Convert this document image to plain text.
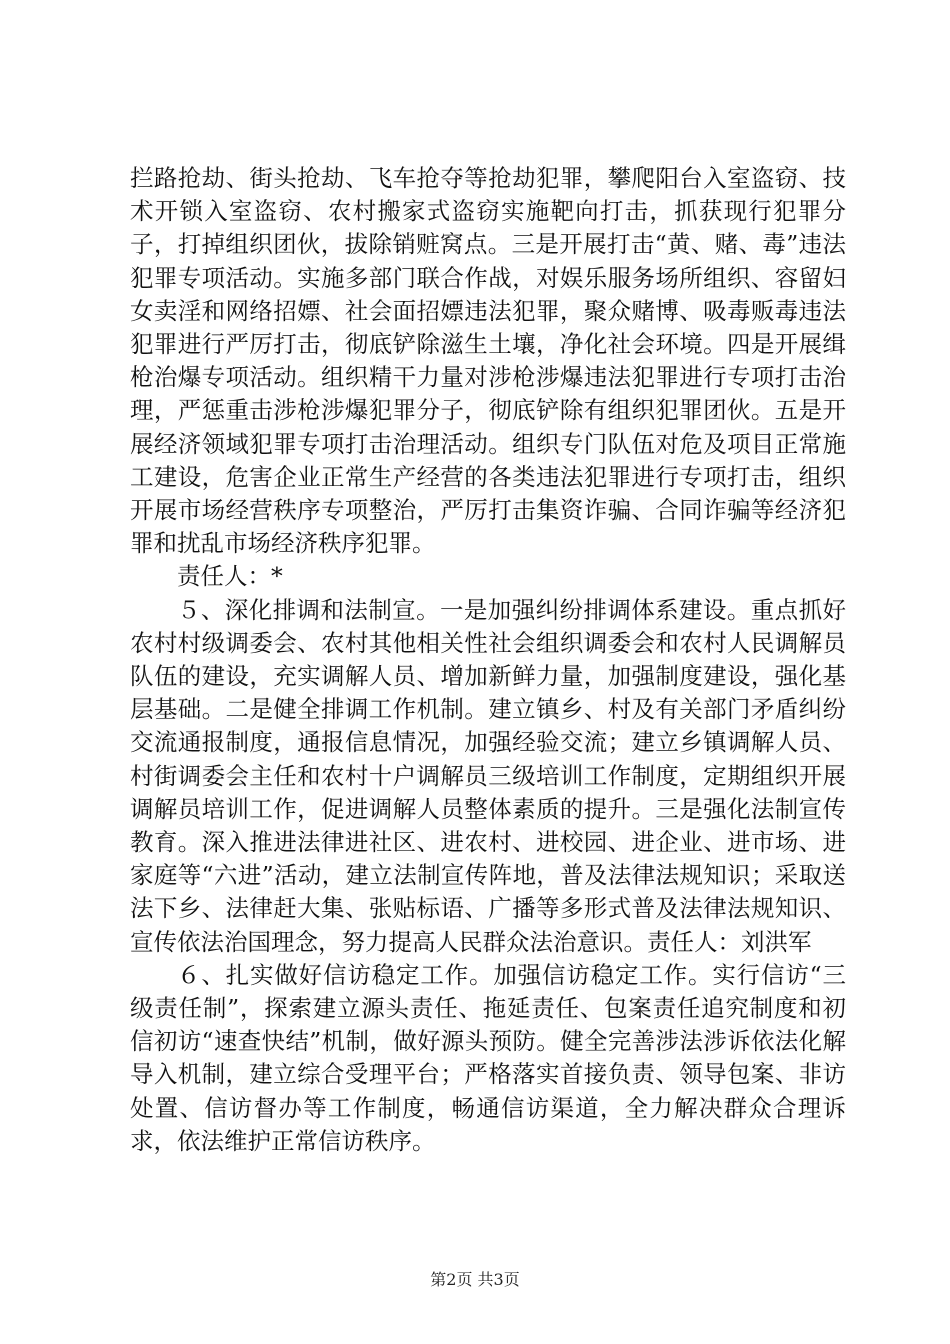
拦路抢劫、街头抢劫、飞车抢夺等抢劫犯罪，攀爬阳台入室盗窃、技术开锁入室盗窃、农村搬家式盗窃实施靶向打击，抓获现行犯罪分子，打掉组织团伙，拔除销赃窝点。三是开展打击“黄、赌、毒”违法犯罪专项活动。实施多部门联合作战，对娱乐服务场所组织、容留妇女卖淫和网络招嫖、社会面招嫖违法犯罪，聚众赌博、吸毒贩毒违法犯罪进行严厉打击，彻底铲除滋生土壤，净化社会环境。四是开展缉枪治爆专项活动。组织精干力量对涉枪涉爆违法犯罪进行专项打击治理，严惩重击涉枪涉爆犯罪分子，彻底铲除有组织犯罪团伙。五是开展经济领域犯罪专项打击治理活动。组织专门队伍对危及项目正常施工建设，危害企业正常生产经营的各类违法犯罪进行专项打击，组织开展市场经营秩序专项整治，严厉打击集资诈骗、合同诈骗等经济犯罪和扰乱市场经济秩序犯罪。

责任人：*

５、深化排调和法制宣。一是加强纠纷排调体系建设。重点抓好农村村级调委会、农村其他相关性社会组织调委会和农村人民调解员队伍的建设，充实调解人员、增加新鲜力量，加强制度建设，强化基层基础。二是健全排调工作机制。建立镇乡、村及有关部门矛盾纠纷交流通报制度，通报信息情况，加强经验交流；建立乡镇调解人员、村街调委会主任和农村十户调解员三级培训工作制度，定期组织开展调解员培训工作，促进调解人员整体素质的提升。三是强化法制宣传教育。深入推进法律进社区、进农村、进校园、进企业、进市场、进家庭等“六进”活动，建立法制宣传阵地，普及法律法规知识；采取送法下乡、法律赶大集、张贴标语、广播等多形式普及法律法规知识、宣传依法治国理念，努力提高人民群众法治意识。责任人：刘洪军

６、扎实做好信访稳定工作。加强信访稳定工作。实行信访“三级责任制”，探索建立源头责任、拖延责任、包案责任追究制度和初信初访“速查快结”机制，做好源头预防。健全完善涉法涉诉依法化解导入机制，建立综合受理平台；严格落实首接负责、领导包案、非访处置、信访督办等工作制度，畅通信访渠道，全力解决群众合理诉求，依法维护正常信访秩序。

第2页 共3页
